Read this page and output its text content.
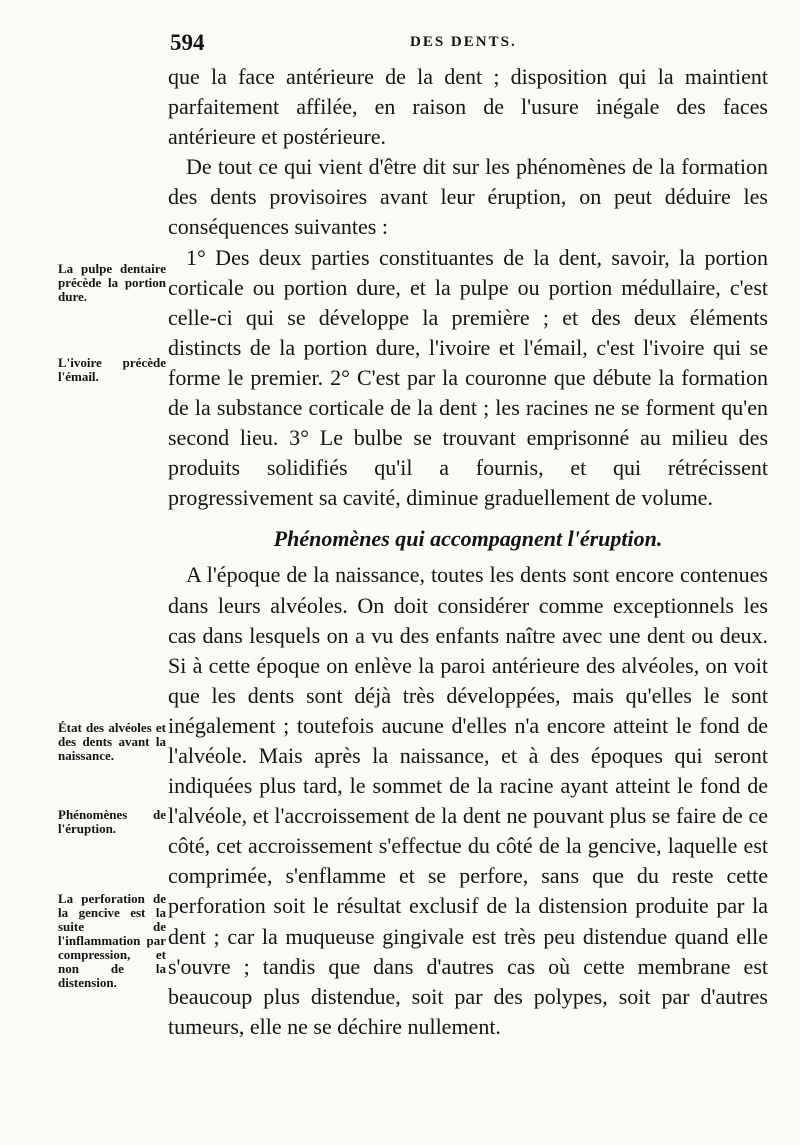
594	DES DENTS.

que la face antérieure de la dent ; disposition qui la maintient parfaitement affilée, en raison de l'usure inégale des faces antérieure et postérieure.

De tout ce qui vient d'être dit sur les phénomènes de la formation des dents provisoires avant leur éruption, on peut déduire les conséquences suivantes :

1° Des deux parties constituantes de la dent, savoir, la portion corticale ou portion dure, et la pulpe ou portion médullaire, c'est celle-ci qui se développe la première ; et des deux éléments distincts de la portion dure, l'ivoire et l'émail, c'est l'ivoire qui se forme le premier. 2° C'est par la couronne que débute la formation de la substance corticale de la dent ; les racines ne se forment qu'en second lieu. 3° Le bulbe se trouvant emprisonné au milieu des produits solidifiés qu'il a fournis, et qui rétrécissent progressivement sa cavité, diminue graduellement de volume.

Phénomènes qui accompagnent l'éruption.

A l'époque de la naissance, toutes les dents sont encore contenues dans leurs alvéoles. On doit considérer comme exceptionnels les cas dans lesquels on a vu des enfants naître avec une dent ou deux. Si à cette époque on enlève la paroi antérieure des alvéoles, on voit que les dents sont déjà très développées, mais qu'elles le sont inégalement ; toutefois aucune d'elles n'a encore atteint le fond de l'alvéole. Mais après la naissance, et à des époques qui seront indiquées plus tard, le sommet de la racine ayant atteint le fond de l'alvéole, et l'accroissement de la dent ne pouvant plus se faire de ce côté, cet accroissement s'effectue du côté de la gencive, laquelle est comprimée, s'enflamme et se perfore, sans que du reste cette perforation soit le résultat exclusif de la distension produite par la dent ; car la muqueuse gingivale est très peu distendue quand elle s'ouvre ; tandis que dans d'autres cas où cette membrane est beaucoup plus distendue, soit par des polypes, soit par d'autres tumeurs, elle ne se déchire nullement.

La pulpe dentaire précède la portion dure.
L'ivoire précède l'émail.
État des alvéoles et des dents avant la naissance.
Phénomènes de l'éruption.
La perforation de la gencive est la suite de l'inflammation par compression, et non de la distension.
